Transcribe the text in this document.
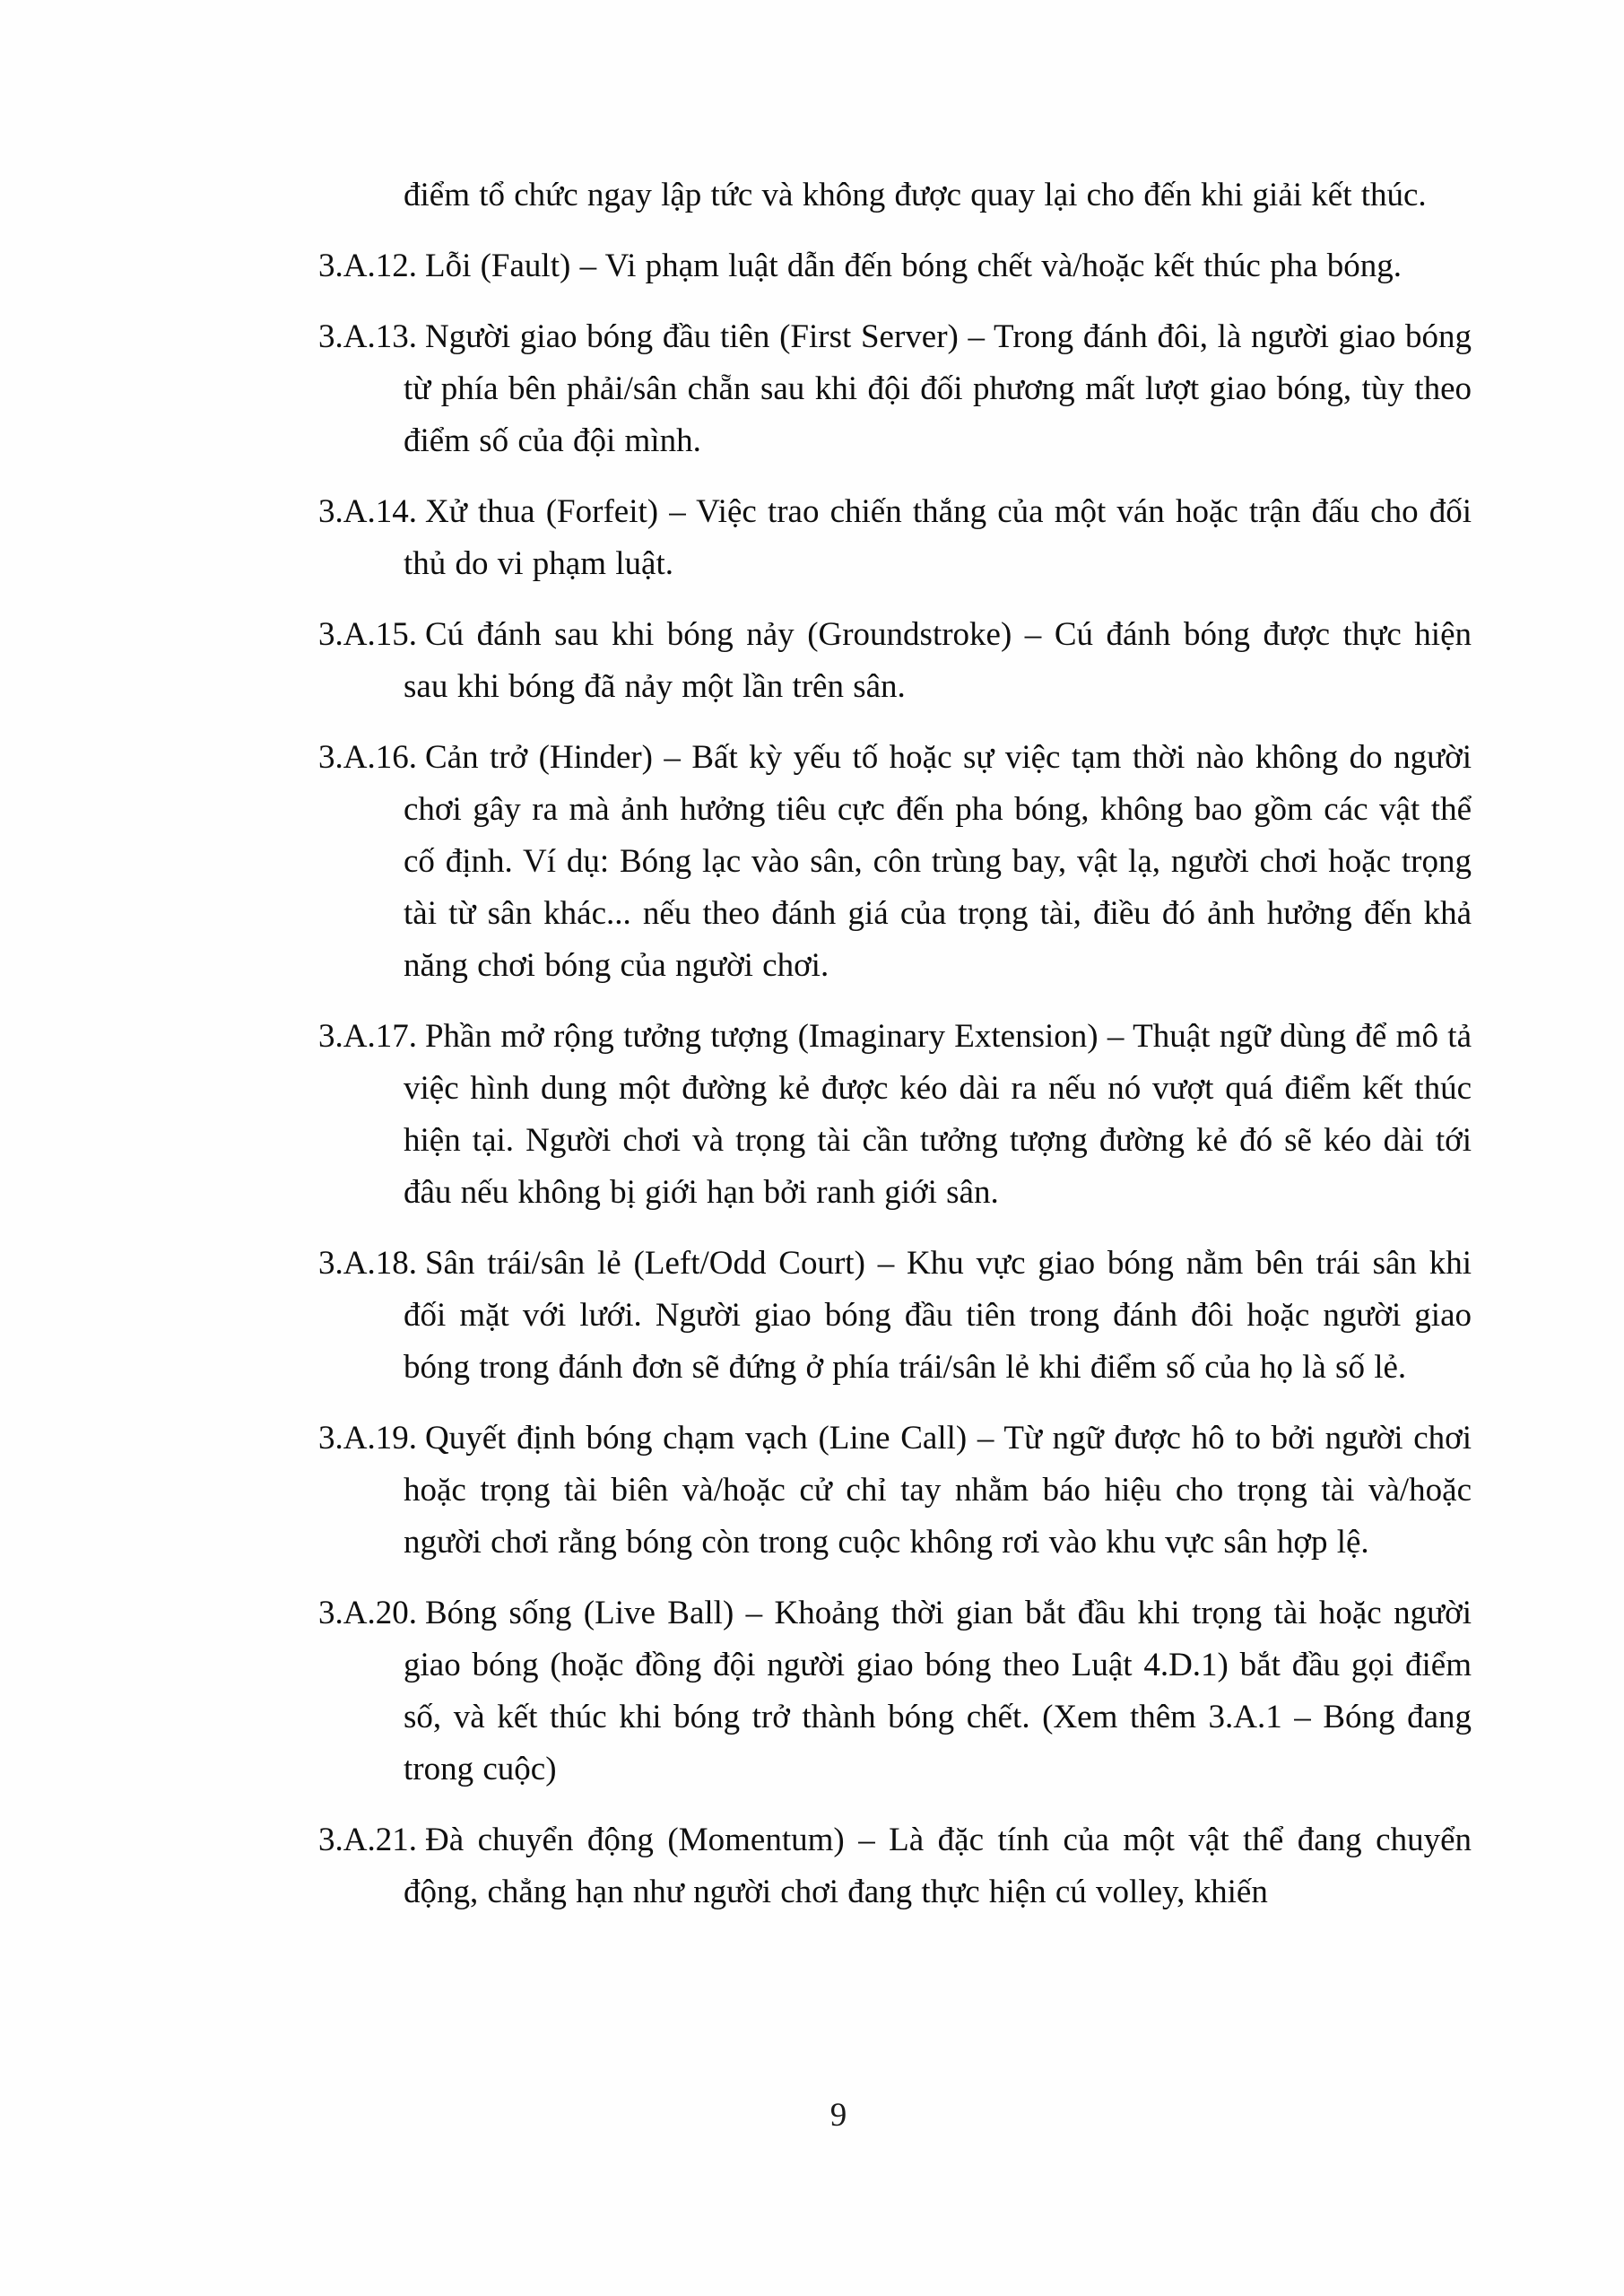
điểm tổ chức ngay lập tức và không được quay lại cho đến khi giải kết thúc.

3.A.12. Lỗi (Fault) – Vi phạm luật dẫn đến bóng chết và/hoặc kết thúc pha bóng.

3.A.13. Người giao bóng đầu tiên (First Server) – Trong đánh đôi, là người giao bóng từ phía bên phải/sân chẵn sau khi đội đối phương mất lượt giao bóng, tùy theo điểm số của đội mình.

3.A.14. Xử thua (Forfeit) – Việc trao chiến thắng của một ván hoặc trận đấu cho đối thủ do vi phạm luật.

3.A.15. Cú đánh sau khi bóng nảy (Groundstroke) – Cú đánh bóng được thực hiện sau khi bóng đã nảy một lần trên sân.

3.A.16. Cản trở (Hinder) – Bất kỳ yếu tố hoặc sự việc tạm thời nào không do người chơi gây ra mà ảnh hưởng tiêu cực đến pha bóng, không bao gồm các vật thể cố định. Ví dụ: Bóng lạc vào sân, côn trùng bay, vật lạ, người chơi hoặc trọng tài từ sân khác... nếu theo đánh giá của trọng tài, điều đó ảnh hưởng đến khả năng chơi bóng của người chơi.

3.A.17. Phần mở rộng tưởng tượng (Imaginary Extension) – Thuật ngữ dùng để mô tả việc hình dung một đường kẻ được kéo dài ra nếu nó vượt quá điểm kết thúc hiện tại. Người chơi và trọng tài cần tưởng tượng đường kẻ đó sẽ kéo dài tới đâu nếu không bị giới hạn bởi ranh giới sân.

3.A.18. Sân trái/sân lẻ (Left/Odd Court) – Khu vực giao bóng nằm bên trái sân khi đối mặt với lưới. Người giao bóng đầu tiên trong đánh đôi hoặc người giao bóng trong đánh đơn sẽ đứng ở phía trái/sân lẻ khi điểm số của họ là số lẻ.

3.A.19. Quyết định bóng chạm vạch (Line Call) – Từ ngữ được hô to bởi người chơi hoặc trọng tài biên và/hoặc cử chỉ tay nhằm báo hiệu cho trọng tài và/hoặc người chơi rằng bóng còn trong cuộc không rơi vào khu vực sân hợp lệ.

3.A.20. Bóng sống (Live Ball) – Khoảng thời gian bắt đầu khi trọng tài hoặc người giao bóng (hoặc đồng đội người giao bóng theo Luật 4.D.1) bắt đầu gọi điểm số, và kết thúc khi bóng trở thành bóng chết. (Xem thêm 3.A.1 – Bóng đang trong cuộc)

3.A.21. Đà chuyển động (Momentum) – Là đặc tính của một vật thể đang chuyển động, chẳng hạn như người chơi đang thực hiện cú volley, khiến

9
